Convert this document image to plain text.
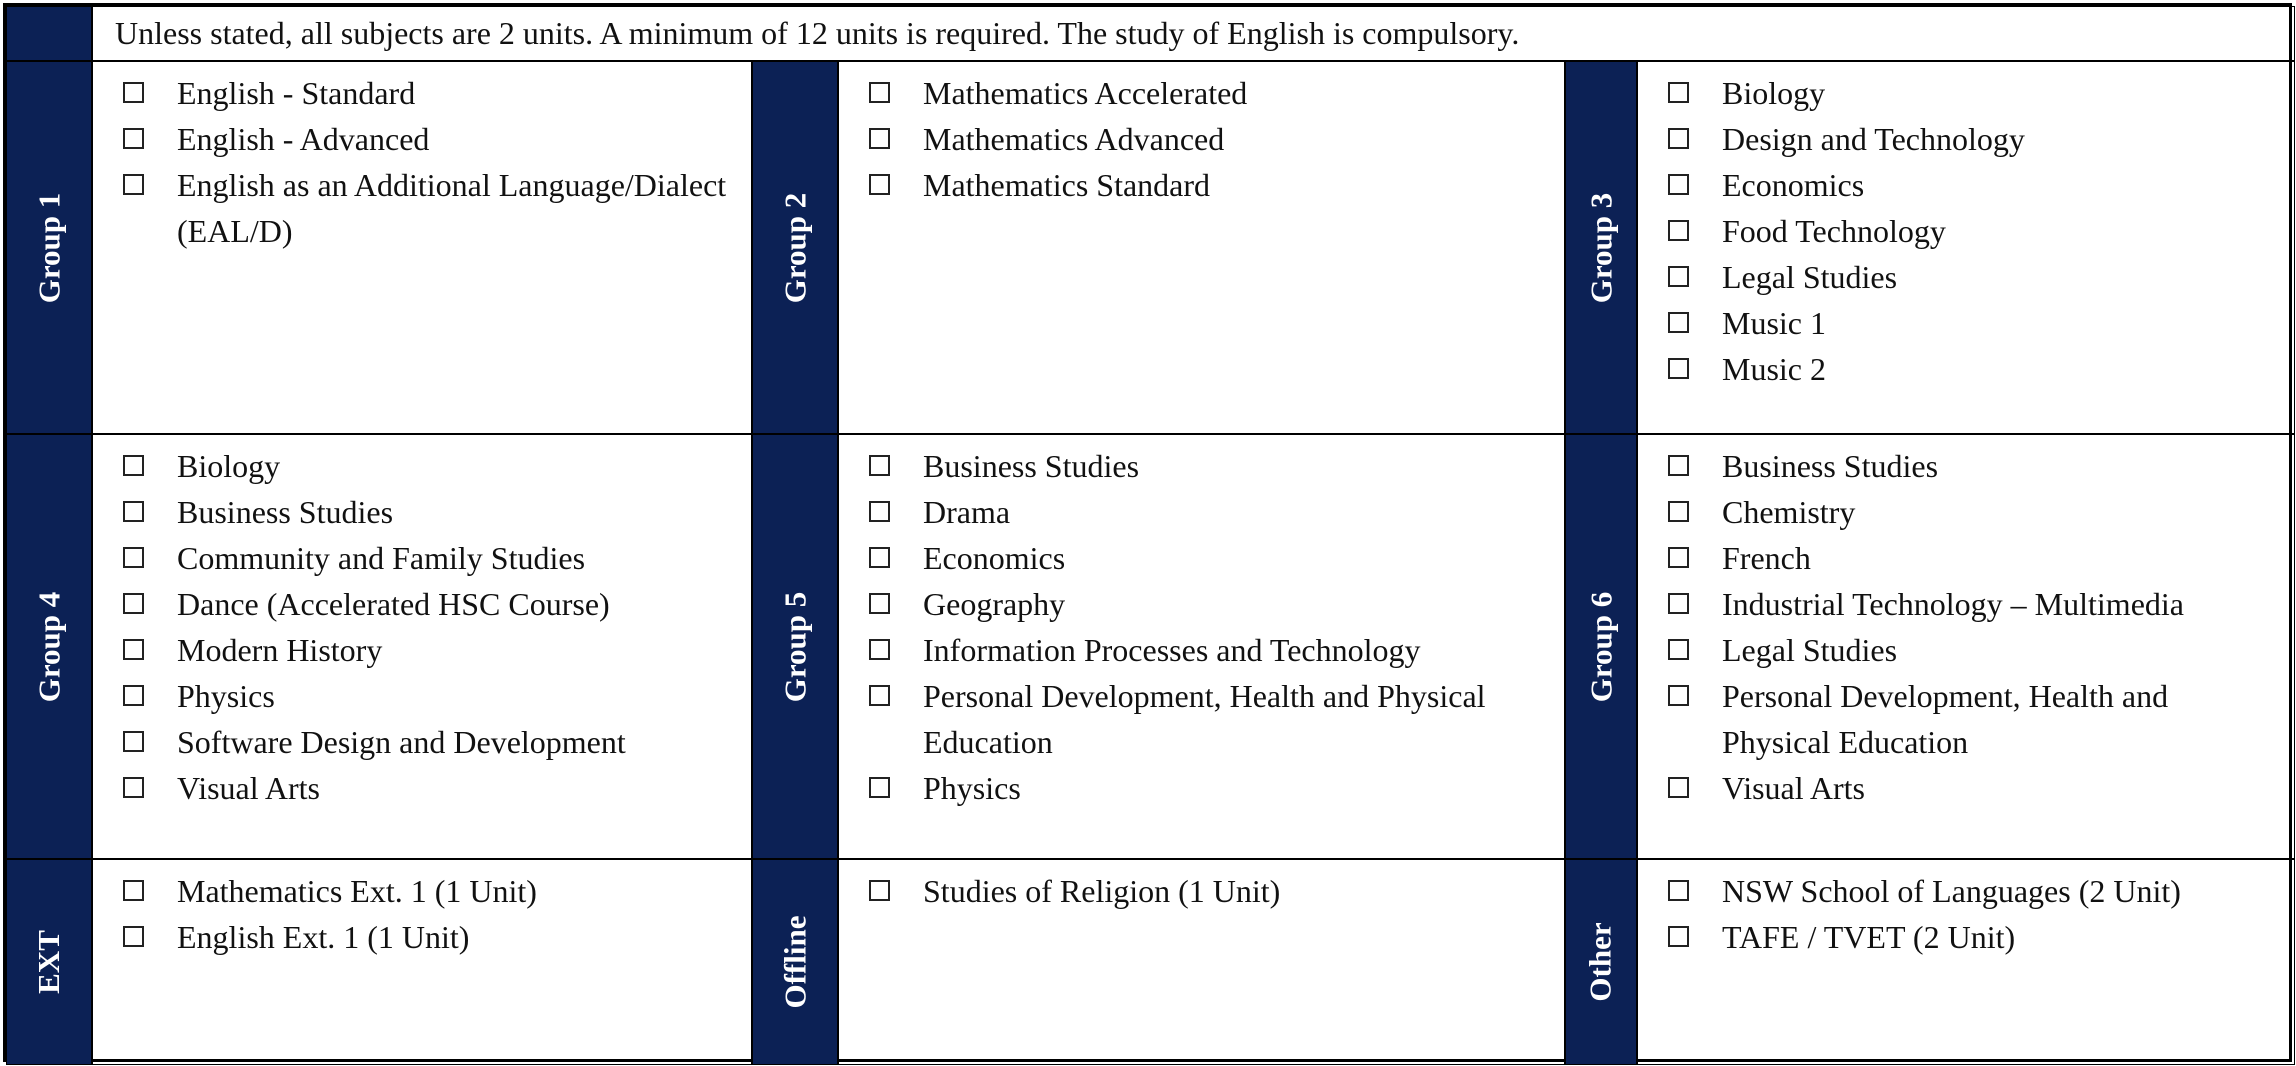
Unless stated, all subjects are 2 units. A minimum of 12 units is required. The study of English is compulsory.
Group 1
English - Standard
English - Advanced
English as an Additional Language/Dialect (EAL/D)	Group 2
Mathematics Accelerated
Mathematics Advanced
Mathematics Standard
Group 3
Biology
Design and Technology
Economics
Food Technology
Legal Studies
Music 1
Music 2
Group 4
Biology
Business Studies
Community and Family Studies
Dance (Accelerated HSC Course)
Modern History
Physics
Software Design and Development
Visual Arts
Group 5
Business Studies
Drama
Economics
Geography
Information Processes and Technology
Personal Development, Health and Physical Education
Physics
Group 6
Business Studies
Chemistry
French
Industrial Technology – Multimedia
Legal Studies
Personal Development, Health and Physical Education
Visual Arts
EXT
Mathematics Ext. 1 (1 Unit)
English Ext. 1 (1 Unit)	Offline
Studies of Religion (1 Unit)
Other
NSW School of Languages (2 Unit)
TAFE / TVET (2 Unit)
